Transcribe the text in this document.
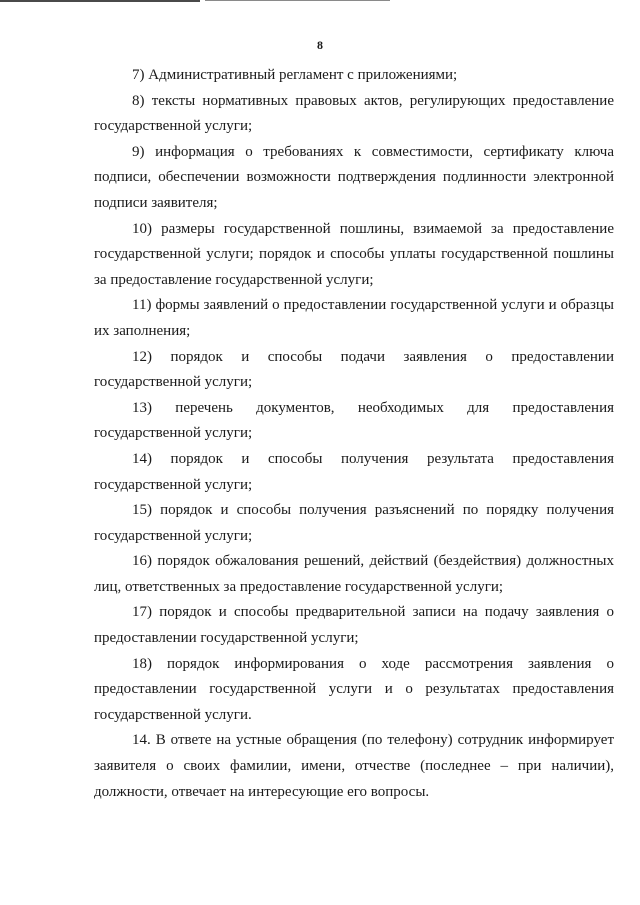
8

7) Административный регламент с приложениями;

8) тексты нормативных правовых актов, регулирующих предоставление государственной услуги;

9) информация о требованиях к совместимости, сертификату ключа подписи, обеспечении возможности подтверждения подлинности электронной подписи заявителя;

10) размеры государственной пошлины, взимаемой за предоставление государственной услуги; порядок и способы уплаты государственной пошлины за предоставление государственной услуги;

11) формы заявлений о предоставлении государственной услуги и образцы их заполнения;

12) порядок и способы подачи заявления о предоставлении государственной услуги;

13) перечень документов, необходимых для предоставления государственной услуги;

14) порядок и способы получения результата предоставления государственной услуги;

15) порядок и способы получения разъяснений по порядку получения государственной услуги;

16) порядок обжалования решений, действий (бездействия) должностных лиц, ответственных за предоставление государственной услуги;

17) порядок и способы предварительной записи на подачу заявления о предоставлении государственной услуги;

18) порядок информирования о ходе рассмотрения заявления о предоставлении государственной услуги и о результатах предоставления государственной услуги.

14. В ответе на устные обращения (по телефону) сотрудник информирует заявителя о своих фамилии, имени, отчестве (последнее – при наличии), должности, отвечает на интересующие его вопросы.
